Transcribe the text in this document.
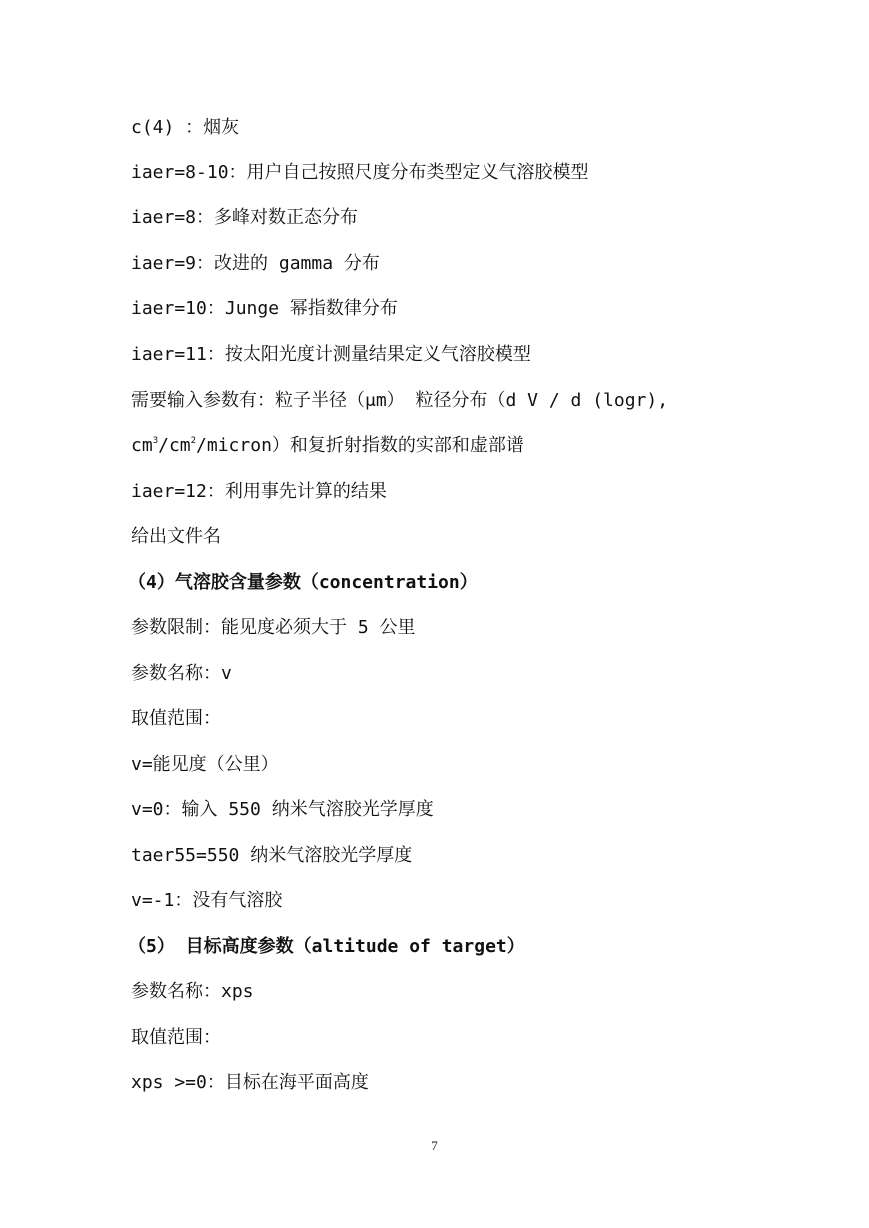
c(4) ：烟灰

iaer=8-10：用户自己按照尺度分布类型定义气溶胶模型

iaer=8：多峰对数正态分布

iaer=9：改进的 gamma 分布

iaer=10：Junge 幂指数律分布

iaer=11：按太阳光度计测量结果定义气溶胶模型

需要输入参数有：粒子半径（μm） 粒径分布（d V / d (logr),

$cm^3/cm^2/micron$）和复折射指数的实部和虚部谱

iaer=12：利用事先计算的结果

给出文件名

（4）气溶胶含量参数（concentration）

参数限制：能见度必须大于 5 公里

参数名称：v

取值范围：

v=能见度（公里）

v=0：输入 550 纳米气溶胶光学厚度

taer55=550 纳米气溶胶光学厚度

v=-1：没有气溶胶

（5） 目标高度参数（altitude of target）

参数名称：xps

取值范围：

xps >=0：目标在海平面高度

7
